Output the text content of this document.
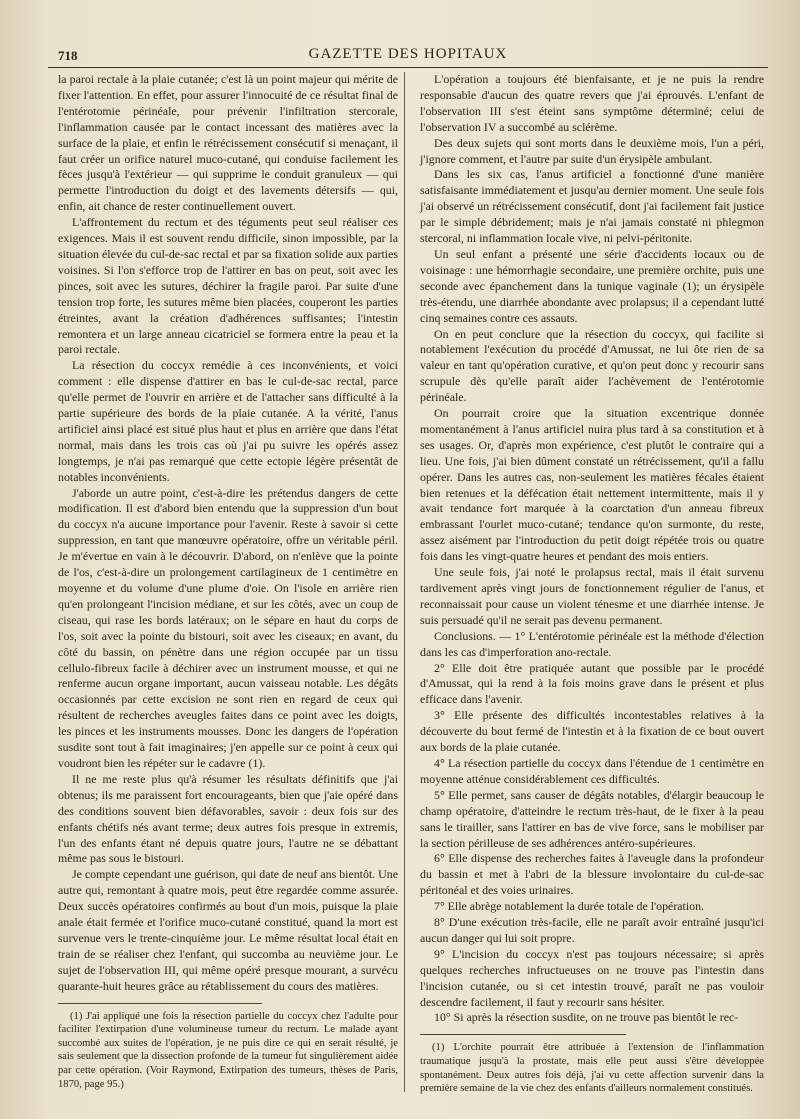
718	GAZETTE DES HOPITAUX

la paroi rectale à la plaie cutanée; c'est là un point majeur qui mérite de fixer l'attention. En effet, pour assurer l'innocuité de ce résultat final de l'entérotomie périnéale, pour prévenir l'infiltration stercorale, l'inflammation causée par le contact incessant des matières avec la surface de la plaie, et enfin le rétrécissement consécutif si menaçant, il faut créer un orifice naturel muco-cutané, qui conduise facilement les fèces jusqu'à l'extérieur — qui supprime le conduit granuleux — qui permette l'introduction du doigt et des lavements détersifs — qui, enfin, ait chance de rester continuellement ouvert.

L'affrontement du rectum et des téguments peut seul réaliser ces exigences. Mais il est souvent rendu difficile, sinon impossible, par la situation élevée du cul-de-sac rectal et par sa fixation solide aux parties voisines. Si l'on s'efforce trop de l'attirer en bas on peut, soit avec les pinces, soit avec les sutures, déchirer la fragile paroi. Par suite d'une tension trop forte, les sutures même bien placées, couperont les parties étreintes, avant la création d'adhérences suffisantes; l'intestin remontera et un large anneau cicatriciel se formera entre la peau et la paroi rectale.

La résection du coccyx remédie à ces inconvénients, et voici comment : elle dispense d'attirer en bas le cul-de-sac rectal, parce qu'elle permet de l'ouvrir en arrière et de l'attacher sans difficulté à la partie supérieure des bords de la plaie cutanée. A la vérité, l'anus artificiel ainsi placé est situé plus haut et plus en arrière que dans l'état normal, mais dans les trois cas où j'ai pu suivre les opérés assez longtemps, je n'ai pas remarqué que cette ectopie légère présentât de notables inconvénients.

J'aborde un autre point, c'est-à-dire les prétendus dangers de cette modification. Il est d'abord bien entendu que la suppression d'un bout du coccyx n'a aucune importance pour l'avenir. Reste à savoir si cette suppression, en tant que manœuvre opératoire, offre un véritable péril. Je m'évertue en vain à le découvrir. D'abord, on n'enlève que la pointe de l'os, c'est-à-dire un prolongement cartilagineux de 1 centimètre en moyenne et du volume d'une plume d'oie. On l'isole en arrière rien qu'en prolongeant l'incision médiane, et sur les côtés, avec un coup de ciseau, qui rase les bords latéraux; on le sépare en haut du corps de l'os, soit avec la pointe du bistouri, soit avec les ciseaux; en avant, du côté du bassin, on pénètre dans une région occupée par un tissu cellulo-fibreux facile à déchirer avec un instrument mousse, et qui ne renferme aucun organe important, aucun vaisseau notable. Les dégâts occasionnés par cette excision ne sont rien en regard de ceux qui résultent de recherches aveugles faites dans ce point avec les doigts, les pinces et les instruments mousses. Donc les dangers de l'opération susdite sont tout à fait imaginaires; j'en appelle sur ce point à ceux qui voudront bien les répéter sur le cadavre (1).

Il ne me reste plus qu'à résumer les résultats définitifs que j'ai obtenus; ils me paraissent fort encourageants, bien que j'aie opéré dans des conditions souvent bien défavorables, savoir : deux fois sur des enfants chétifs nés avant terme; deux autres fois presque in extremis, l'un des enfants étant né depuis quatre jours, l'autre ne se débattant même pas sous le bistouri.

Je compte cependant une guérison, qui date de neuf ans bientôt. Une autre qui, remontant à quatre mois, peut être regardée comme assurée. Deux succès opératoires confirmés au bout d'un mois, puisque la plaie anale était fermée et l'orifice muco-cutané constitué, quand la mort est survenue vers le trente-cinquième jour. Le même résultat local était en train de se réaliser chez l'enfant, qui succomba au neuvième jour. Le sujet de l'observation III, qui même opéré presque mourant, a survécu quarante-huit heures grâce au rétablissement du cours des matières.

(1) J'ai appliqué une fois la résection partielle du coccyx chez l'adulte pour faciliter l'extirpation d'une volumineuse tumeur du rectum. Le malade ayant succombé aux suites de l'opération, je ne puis dire ce qui en serait résulté, je sais seulement que la dissection profonde de la tumeur fut singulièrement aidée par cette opération. (Voir Raymond, Extirpation des tumeurs, thèses de Paris, 1870, page 95.)

L'opération a toujours été bienfaisante, et je ne puis la rendre responsable d'aucun des quatre revers que j'ai éprouvés. L'enfant de l'observation III s'est éteint sans symptôme déterminé; celui de l'observation IV a succombé au sclérème.

Des deux sujets qui sont morts dans le deuxième mois, l'un a péri, j'ignore comment, et l'autre par suite d'un érysipèle ambulant.

Dans les six cas, l'anus artificiel a fonctionné d'une manière satisfaisante immédiatement et jusqu'au dernier moment. Une seule fois j'ai observé un rétrécissement consécutif, dont j'ai facilement fait justice par le simple débridement; mais je n'ai jamais constaté ni phlegmon stercoral, ni inflammation locale vive, ni pelvi-péritonite.

Un seul enfant a présenté une série d'accidents locaux ou de voisinage : une hémorrhagie secondaire, une première orchite, puis une seconde avec épanchement dans la tunique vaginale (1); un érysipèle très-étendu, une diarrhée abondante avec prolapsus; il a cependant lutté cinq semaines contre ces assauts.

On en peut conclure que la résection du coccyx, qui facilite si notablement l'exécution du procédé d'Amussat, ne lui ôte rien de sa valeur en tant qu'opération curative, et qu'on peut donc y recourir sans scrupule dès qu'elle paraît aider l'achèvement de l'entérotomie périnéale.

On pourrait croire que la situation excentrique donnée momentanément à l'anus artificiel nuira plus tard à sa constitution et à ses usages. Or, d'après mon expérience, c'est plutôt le contraire qui a lieu. Une fois, j'ai bien dûment constaté un rétrécissement, qu'il a fallu opérer. Dans les autres cas, non-seulement les matières fécales étaient bien retenues et la défécation était nettement intermittente, mais il y avait tendance fort marquée à la coarctation d'un anneau fibreux embrassant l'ourlet muco-cutané; tendance qu'on surmonte, du reste, assez aisément par l'introduction du petit doigt répétée trois ou quatre fois dans les vingt-quatre heures et pendant des mois entiers.

Une seule fois, j'ai noté le prolapsus rectal, mais il était survenu tardivement après vingt jours de fonctionnement régulier de l'anus, et reconnaissait pour cause un violent ténesme et une diarrhée intense. Je suis persuadé qu'il ne serait pas devenu permanent.

Conclusions. — 1° L'entérotomie périnéale est la méthode d'élection dans les cas d'imperforation ano-rectale.

2° Elle doit être pratiquée autant que possible par le procédé d'Amussat, qui la rend à la fois moins grave dans le présent et plus efficace dans l'avenir.

3° Elle présente des difficultés incontestables relatives à la découverte du bout fermé de l'intestin et à la fixation de ce bout ouvert aux bords de la plaie cutanée.

4° La résection partielle du coccyx dans l'étendue de 1 centimètre en moyenne atténue considérablement ces difficultés.

5° Elle permet, sans causer de dégâts notables, d'élargir beaucoup le champ opératoire, d'atteindre le rectum très-haut, de le fixer à la peau sans le tirailler, sans l'attirer en bas de vive force, sans le mobiliser par la section périlleuse de ses adhérences antéro-supérieures.

6° Elle dispense des recherches faites à l'aveugle dans la profondeur du bassin et met à l'abri de la blessure involontaire du cul-de-sac péritonéal et des voies urinaires.

7° Elle abrège notablement la durée totale de l'opération.

8° D'une exécution très-facile, elle ne paraît avoir entraîné jusqu'ici aucun danger qui lui soit propre.

9° L'incision du coccyx n'est pas toujours nécessaire; si après quelques recherches infructueuses on ne trouve pas l'intestin dans l'incision cutanée, ou si cet intestin trouvé, paraît ne pas vouloir descendre facilement, il faut y recourir sans hésiter.

10° Si après la résection susdite, on ne trouve pas bientôt le rec-

(1) L'orchite pourrait être attribuée à l'extension de l'inflammation traumatique jusqu'à la prostate, mais elle peut aussi s'être développée spontanément. Deux autres fois déjà, j'ai vu cette affection survenir dans la première semaine de la vie chez des enfants d'ailleurs normalement constitués.
